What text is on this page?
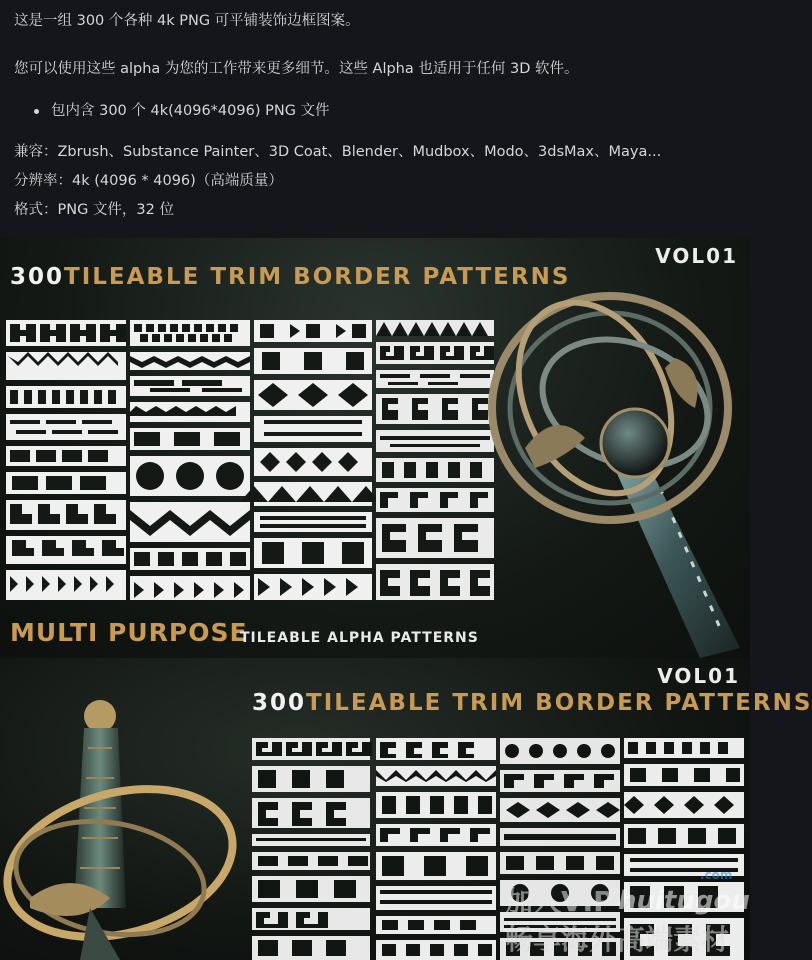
这是一组 300 个各种 4k PNG 可平铺装饰边框图案。

您可以使用这些 alpha 为您的工作带来更多细节。这些 Alpha 也适用于任何 3D 软件。

包内含 300 个 4k(4096*4096) PNG 文件

兼容：Zbrush、Substance Painter、3D Coat、Blender、Mudbox、Modo、3dsMax、Maya...

分辨率：4k (4096 * 4096)（高端质量）

格式：PNG 文件，32 位

VOL01
300TILEABLE TRIM BORDER PATTERNS
MULTI PURPOSE
TILEABLE ALPHA PATTERNS
VOL01
300TILEABLE TRIM BORDER PATTERNS
加入VIP huitugou
.com
畅享海外高端素材
